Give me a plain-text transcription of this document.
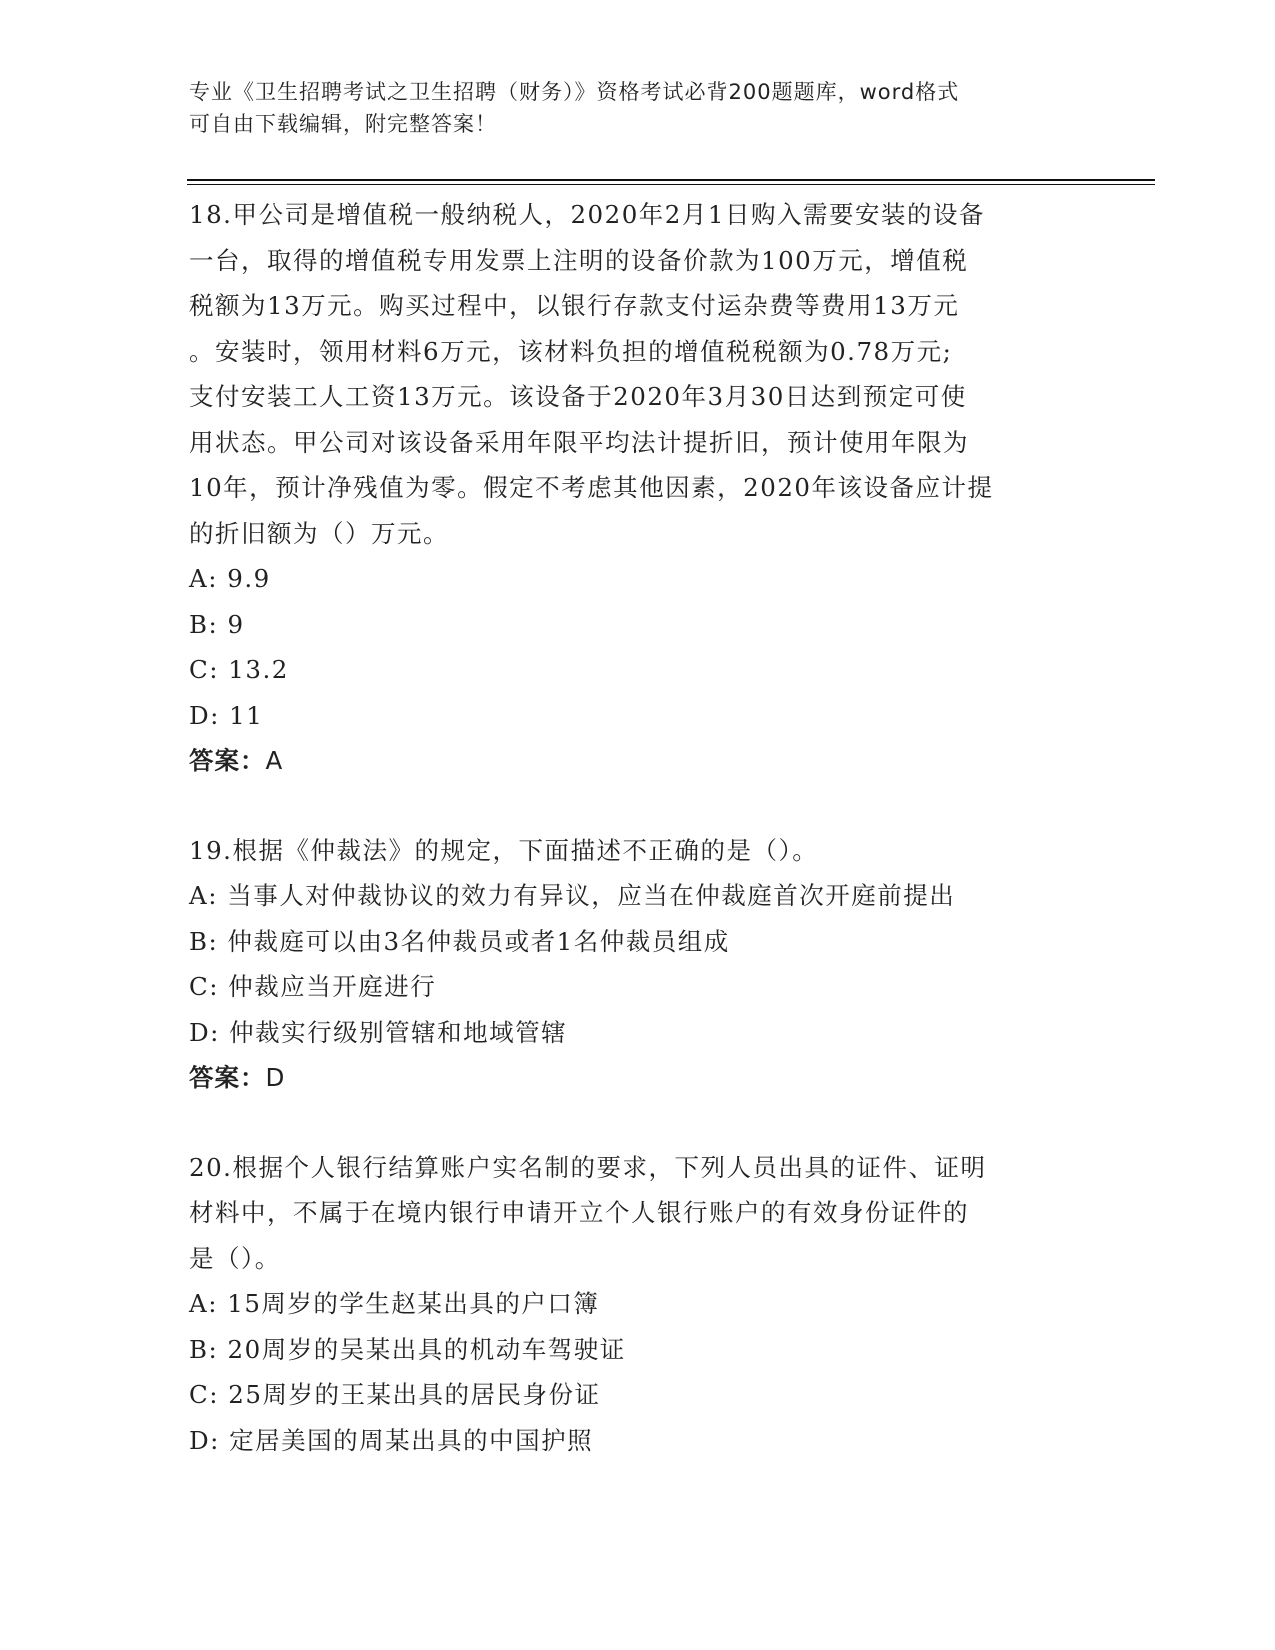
专业《卫生招聘考试之卫生招聘（财务）》资格考试必背200题题库，word格式
可自由下载编辑，附完整答案！
18.甲公司是增值税一般纳税人，2020年2月1日购入需要安装的设备
一台，取得的增值税专用发票上注明的设备价款为100万元，增值税
税额为13万元。购买过程中，以银行存款支付运杂费等费用13万元
。安装时，领用材料6万元，该材料负担的增值税税额为0.78万元;
支付安装工人工资13万元。该设备于2020年3月30日达到预定可使
用状态。甲公司对该设备采用年限平均法计提折旧，预计使用年限为
10年，预计净残值为零。假定不考虑其他因素，2020年该设备应计提
的折旧额为（）万元。
A: 9.9
B: 9
C: 13.2
D: 11
答案：A
19.根据《仲裁法》的规定，下面描述不正确的是（）。
A: 当事人对仲裁协议的效力有异议，应当在仲裁庭首次开庭前提出
B: 仲裁庭可以由3名仲裁员或者1名仲裁员组成
C: 仲裁应当开庭进行
D: 仲裁实行级别管辖和地域管辖
答案：D
20.根据个人银行结算账户实名制的要求，下列人员出具的证件、证明
材料中，不属于在境内银行申请开立个人银行账户的有效身份证件的
是（）。
A: 15周岁的学生赵某出具的户口簿
B: 20周岁的吴某出具的机动车驾驶证
C: 25周岁的王某出具的居民身份证
D: 定居美国的周某出具的中国护照
